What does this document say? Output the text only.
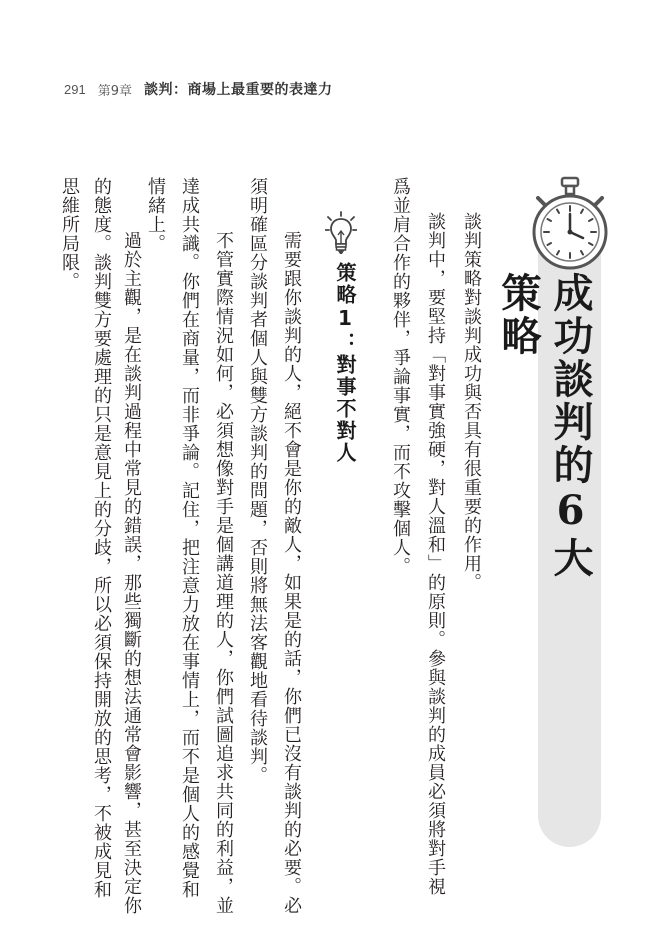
291 第9章 談判：商場上最重要的表達力
成功談判的6大策略
談判策略對談判成功與否具有很重要的作用。
談判中，要堅持「對事實強硬，對人溫和」的原則。參與談判的成員必須將對手視
爲並肩合作的夥伴，爭論事實，而不攻擊個人。
策略1：對事不對人
　需要跟你談判的人，絕不會是你的敵人，如果是的話，你們已沒有談判的必要。必
須明確區分談判者個人與雙方談判的問題，否則將無法客觀地看待談判。
　不管實際情況如何，必須想像對手是個講道理的人，你們試圖追求共同的利益，並
達成共識。你們在商量，而非爭論。記住，把注意力放在事情上，而不是個人的感覺和
情緒上。
　過於主觀，是在談判過程中常見的錯誤，那些獨斷的想法通常會影響，甚至決定你
的態度。談判雙方要處理的只是意見上的分歧，所以必須保持開放的思考，不被成見和
思維所局限。
